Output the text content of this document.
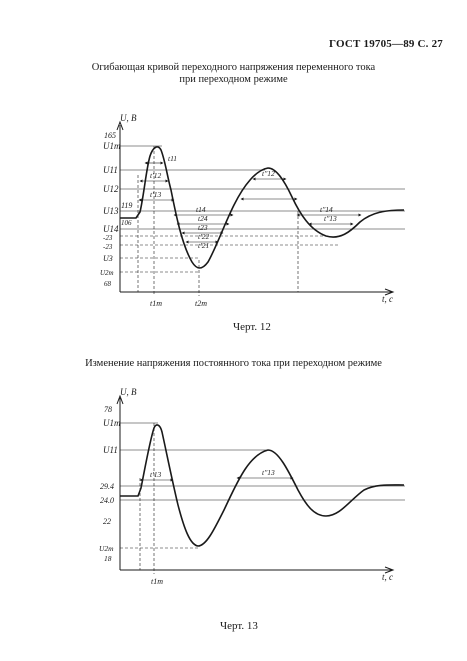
ГОСТ 19705—89 С. 27
Огибающая кривой переходного напряжения переменного тока
при переходном режиме
Изменение напряжения постоянного тока при переходном режиме
Черт. 12
Черт. 13
U, В
165
U1m
U11
U12
119
U13
106
U14
-23
-23
U3
U2m
68
t11
t'12
t'13
t14
t24
t23
t'22
t'21
t''12
t''14
t''13
t1m	t2m	t, c
U, В
78
U1m
U11
29.4
24.0
22
U2m
18
t'13	t''13
t1m	t, c
